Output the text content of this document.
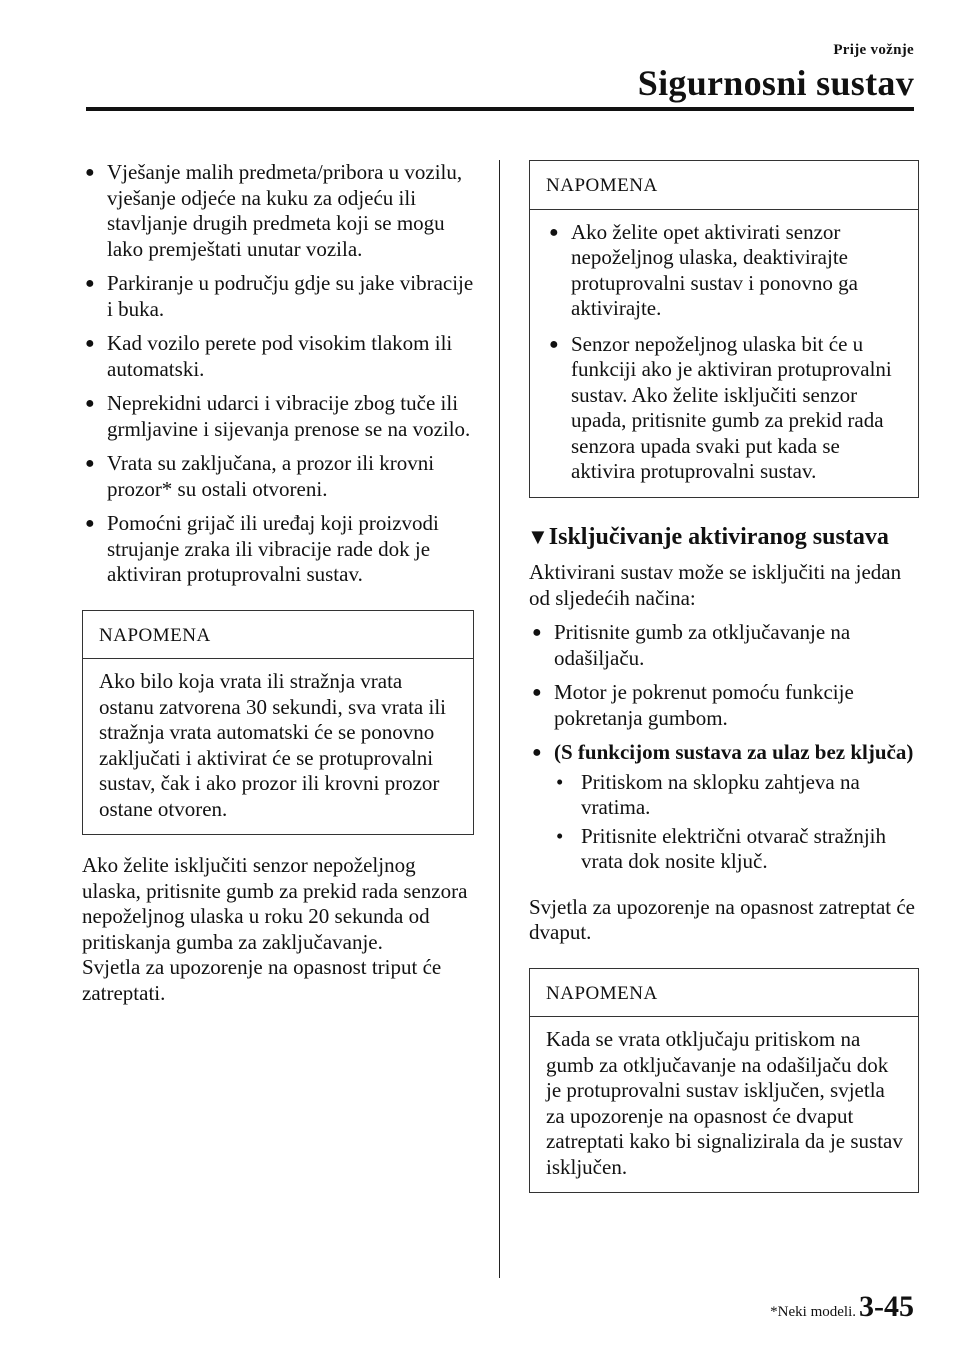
Prije vožnje
Sigurnosni sustav
● Vješanje malih predmeta/pribora u vozilu, vješanje odjeće na kuku za odjeću ili stavljanje drugih predmeta koji se mogu lako premještati unutar vozila.
● Parkiranje u području gdje su jake vibracije i buka.
● Kad vozilo perete pod visokim tlakom ili automatski.
● Neprekidni udarci i vibracije zbog tuče ili grmljavine i sijevanja prenose se na vozilo.
● Vrata su zaključana, a prozor ili krovni prozor* su ostali otvoreni.
● Pomoćni grijač ili uređaj koji proizvodi strujanje zraka ili vibracije rade dok je aktiviran protuprovalni sustav.
NAPOMENA
Ako bilo koja vrata ili stražnja vrata ostanu zatvorena 30 sekundi, sva vrata ili stražnja vrata automatski će se ponovno zaključati i aktivirat će se protuprovalni sustav, čak i ako prozor ili krovni prozor ostane otvoren.

Ako želite isključiti senzor nepoželjnog ulaska, pritisnite gumb za prekid rada senzora nepoželjnog ulaska u roku 20 sekunda od pritiskanja gumba za zaključavanje.

Svjetla za upozorenje na opasnost triput će zatreptati.

NAPOMENA
● Ako želite opet aktivirati senzor nepoželjnog ulaska, deaktivirajte protuprovalni sustav i ponovno ga aktivirajte.
● Senzor nepoželjnog ulaska bit će u funkciji ako je aktiviran protuprovalni sustav. Ako želite isključiti senzor upada, pritisnite gumb za prekid rada senzora upada svaki put kada se aktivira protuprovalni sustav.
▼Isključivanje aktiviranog sustava

Aktivirani sustav može se isključiti na jedan od sljedećih načina:

● Pritisnite gumb za otključavanje na odašiljaču.
● Motor je pokrenut pomoću funkcije pokretanja gumbom.
● (S funkcijom sustava za ulaz bez ključa)
• Pritiskom na sklopku zahtjeva na vratima.
• Pritisnite električni otvarač stražnjih vrata dok nosite ključ.

Svjetla za upozorenje na opasnost zatreptat će dvaput.

NAPOMENA
Kada se vrata otključaju pritiskom na gumb za otključavanje na odašiljaču dok je protuprovalni sustav isključen, svjetla za upozorenje na opasnost će dvaput zatreptati kako bi signalizirala da je sustav isključen.
*Neki modeli. 3-45
